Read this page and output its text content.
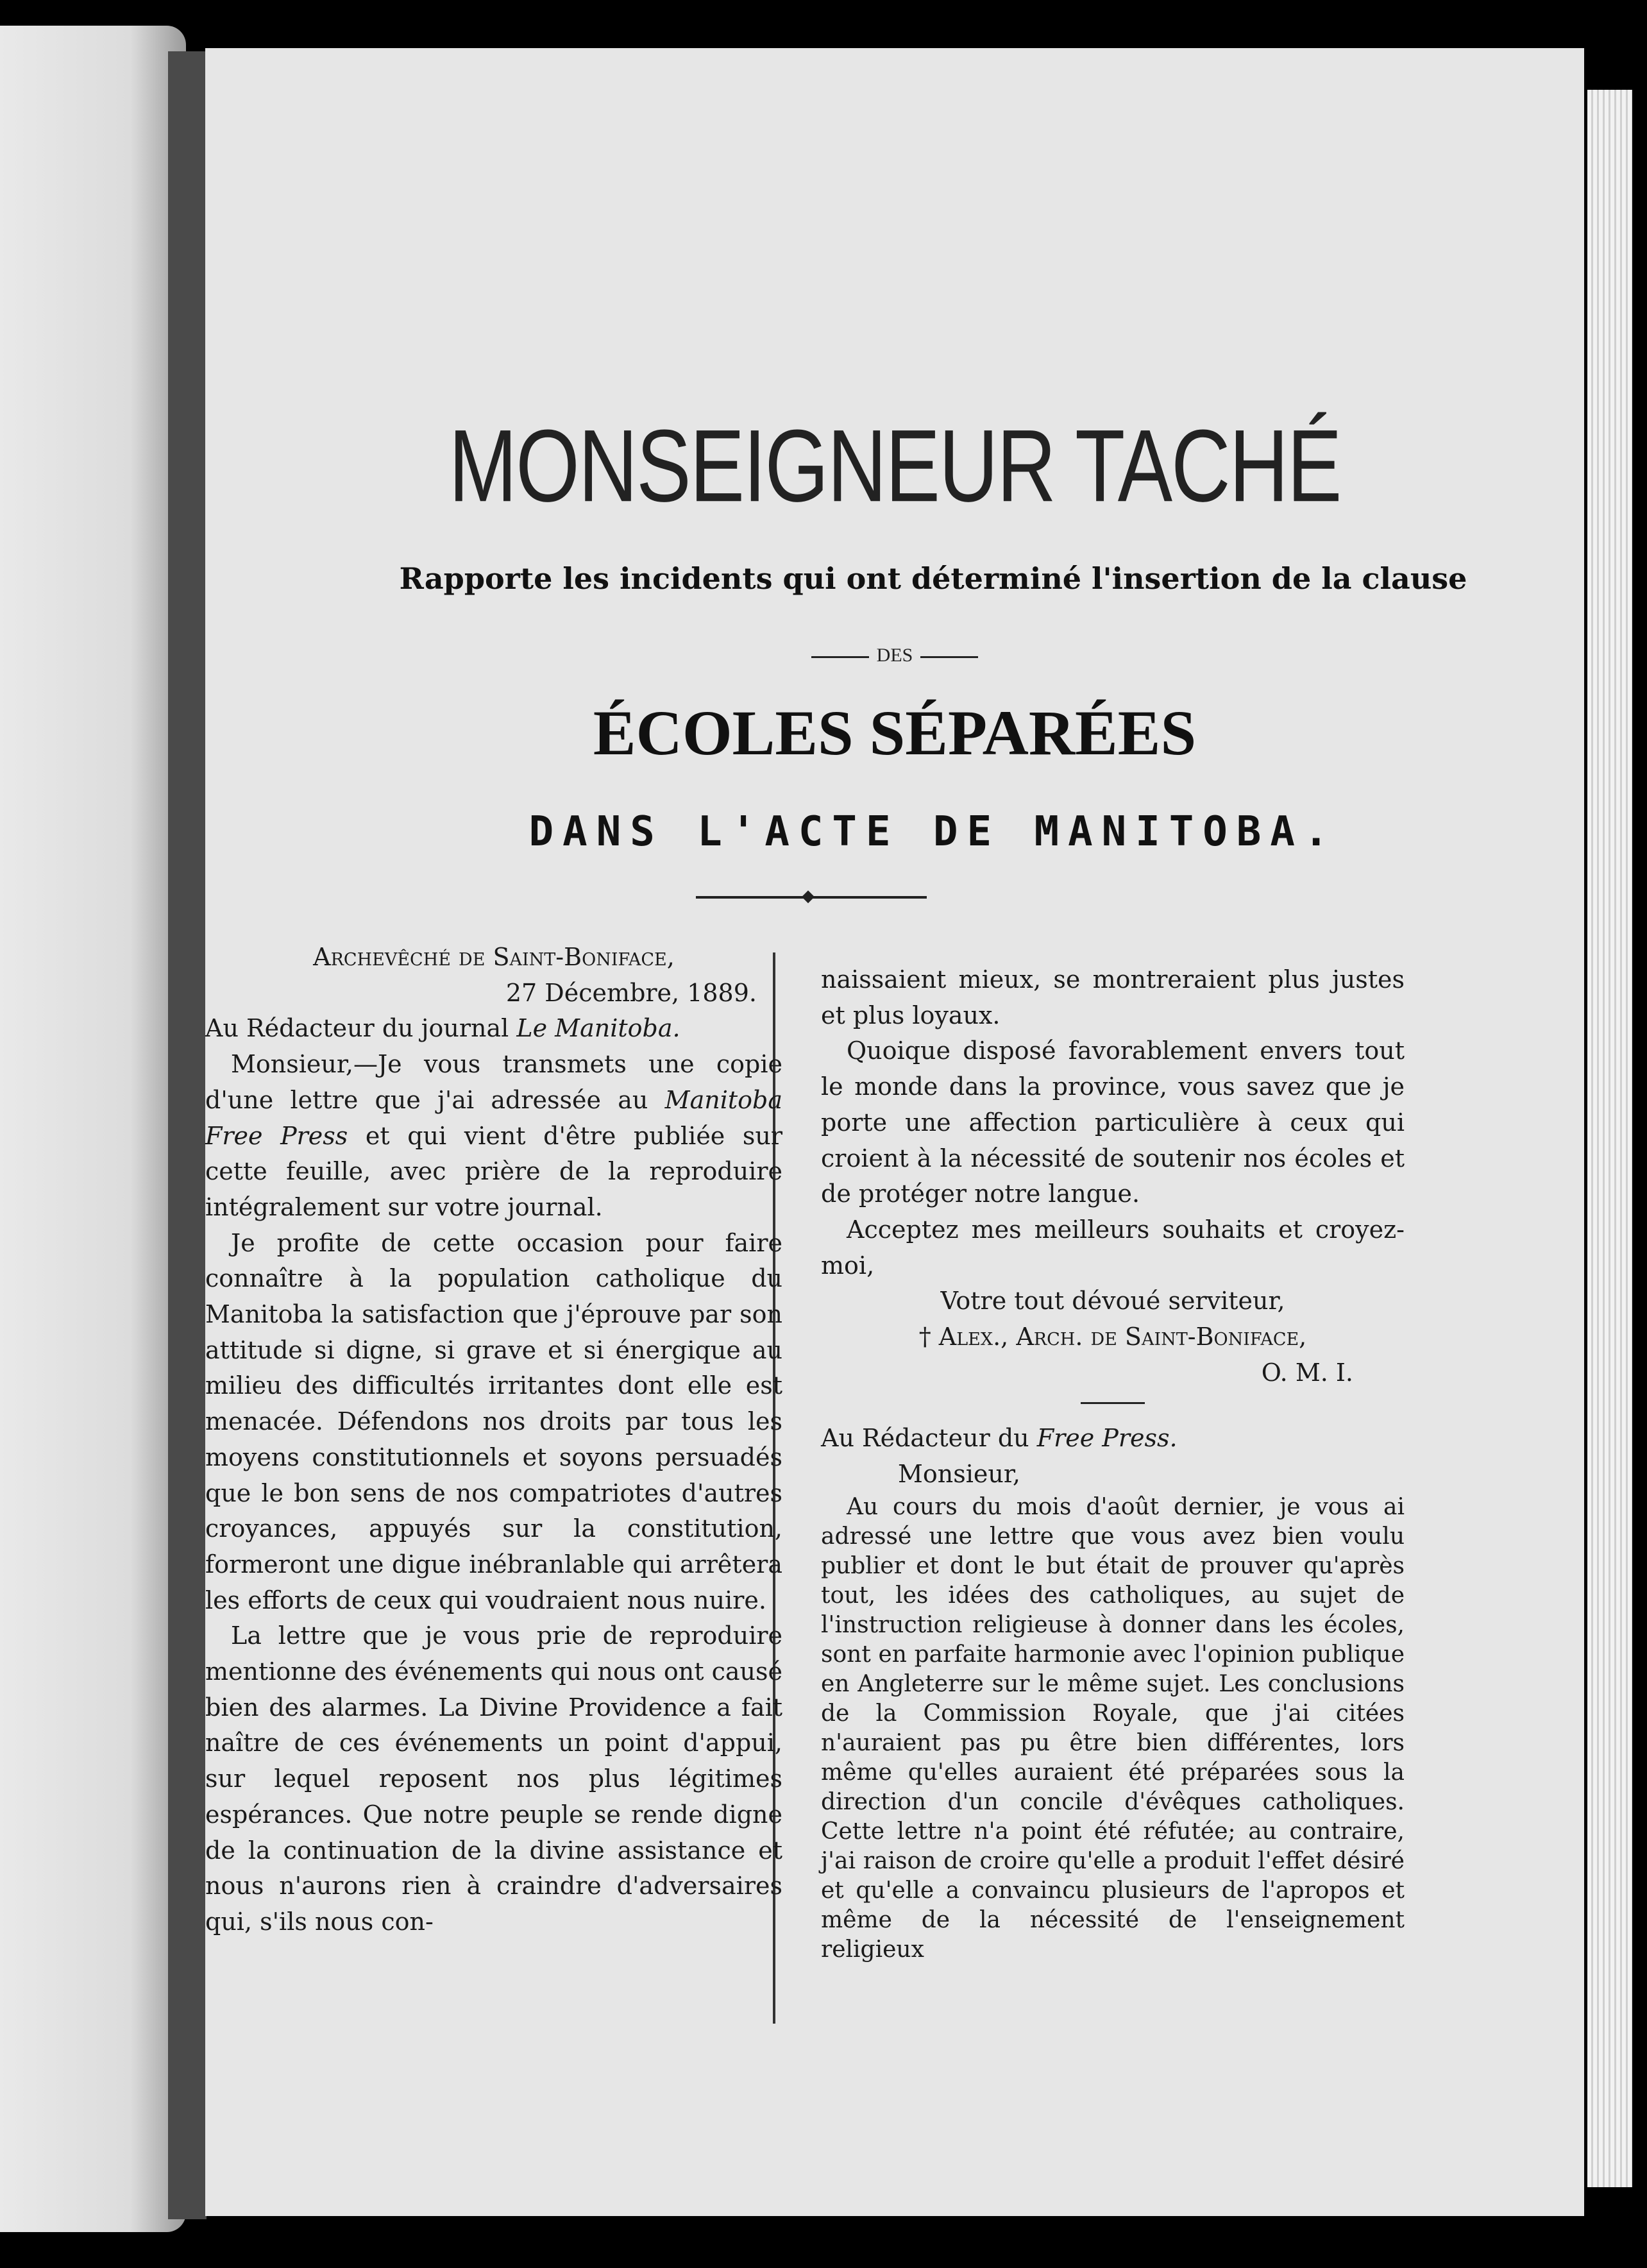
MONSEIGNEUR TACHÉ
Rapporte les incidents qui ont déterminé l'insertion de la clause
DES
ÉCOLES SÉPARÉES
DANS L'ACTE DE MANITOBA.
◆

Archevêché de Saint-Boniface,

27 Décembre, 1889.

Au Rédacteur du journal Le Manitoba.

Monsieur,—Je vous transmets une copie d'une lettre que j'ai adressée au Manitoba Free Press et qui vient d'être publiée sur cette feuille, avec prière de la reproduire intégralement sur votre journal.

Je profite de cette occasion pour faire connaître à la population catholique du Manitoba la satisfaction que j'éprouve par son attitude si digne, si grave et si énergique au milieu des difficultés irritantes dont elle est menacée. Défendons nos droits par tous les moyens constitutionnels et soyons persuadés que le bon sens de nos compatriotes d'autres croyances, appuyés sur la constitution, formeront une digue inébranlable qui arrêtera les efforts de ceux qui voudraient nous nuire.

La lettre que je vous prie de reproduire mentionne des événements qui nous ont causé bien des alarmes. La Divine Providence a fait naître de ces événements un point d'appui, sur lequel reposent nos plus légitimes espérances. Que notre peuple se rende digne de la continuation de la divine assistance et nous n'aurons rien à craindre d'adversaires qui, s'ils nous con-

naissaient mieux, se montreraient plus justes et plus loyaux.

Quoique disposé favorablement envers tout le monde dans la province, vous savez que je porte une affection particulière à ceux qui croient à la nécessité de soutenir nos écoles et de protéger notre langue.

Acceptez mes meilleurs souhaits et croyez-moi,

Votre tout dévoué serviteur,

† Alex., Arch. de Saint-Boniface,

O. M. I.

Au Rédacteur du Free Press.

Monsieur,

Au cours du mois d'août dernier, je vous ai adressé une lettre que vous avez bien voulu publier et dont le but était de prouver qu'après tout, les idées des catholiques, au sujet de l'instruction religieuse à donner dans les écoles, sont en parfaite harmonie avec l'opinion publique en Angleterre sur le même sujet. Les conclusions de la Commission Royale, que j'ai citées n'auraient pas pu être bien différentes, lors même qu'elles auraient été préparées sous la direction d'un concile d'évêques catholiques. Cette lettre n'a point été réfutée; au contraire, j'ai raison de croire qu'elle a produit l'effet désiré et qu'elle a convaincu plusieurs de l'apropos et même de la nécessité de l'enseignement religieux
